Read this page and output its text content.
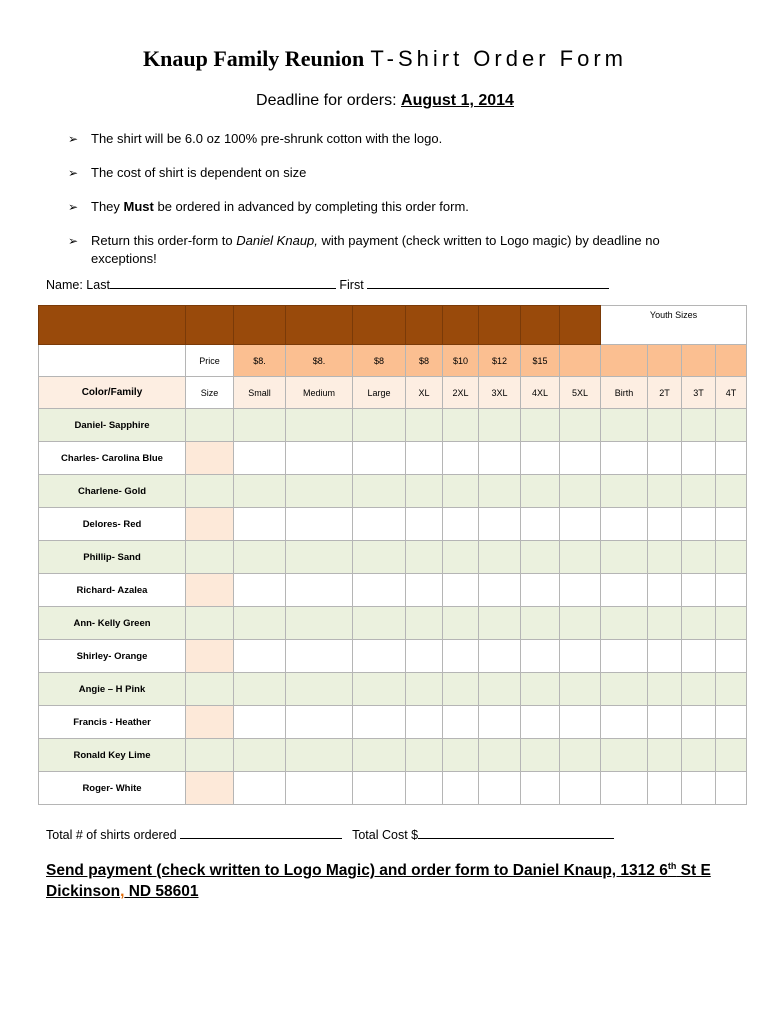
Knaup Family Reunion T-Shirt Order Form
Deadline for orders: August 1, 2014
➢ The shirt will be 6.0 oz 100% pre-shrunk cotton with the logo.
➢ The cost of shirt is dependent on size
➢ They Must be ordered in advanced by completing this order form.
➢ Return this order-form to Daniel Knaup, with payment (check written to Logo magic) by deadline no exceptions!
Name: Last	First
										Youth Sizes			
	Price	$8.	$8.	$8	$8	$10	$12	$15					
Color/Family	Size	Small	Medium	Large	XL	2XL	3XL	4XL	5XL	Birth	2T	3T	4T
Daniel- Sapphire													
Charles- Carolina Blue													
Charlene- Gold													
Delores- Red													
Phillip- Sand													
Richard- Azalea													
Ann- Kelly Green													
Shirley- Orange													
Angie – H Pink													
Francis - Heather													
Ronald Key Lime													
Roger- White													
Total # of shirts ordered	Total Cost $
Send payment (check written to Logo Magic) and order form to Daniel Knaup, 1312 6th St E
Dickinson, ND 58601
